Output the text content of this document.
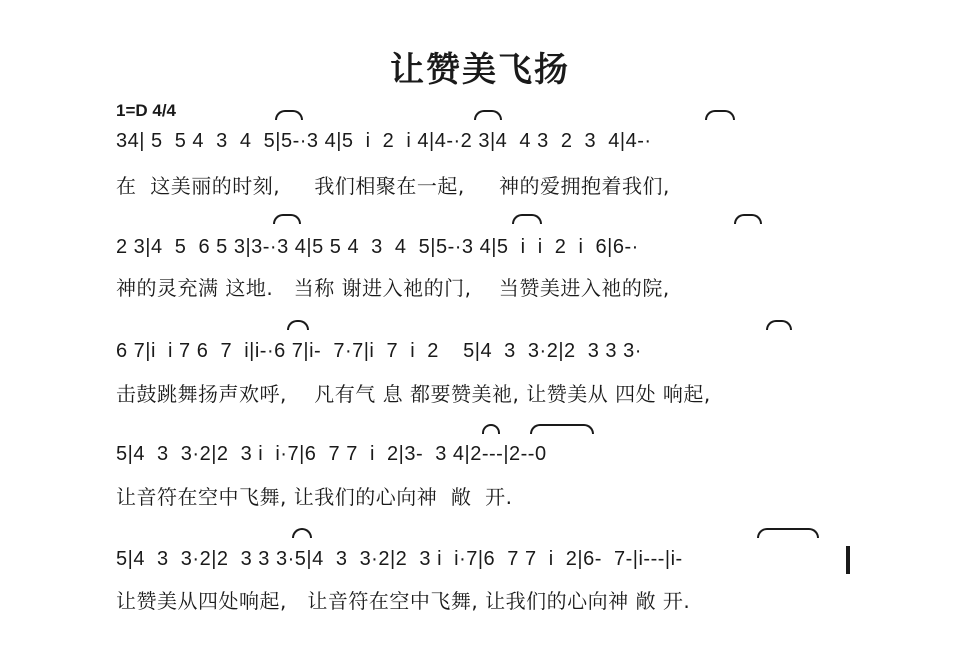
让赞美飞扬
1=D 4/4
34| 5  5 4  3  4  5|5-·3 4|5  i  2  i 4|4-·2 3|4  4 3  2  3  4|4-·
在  这美丽的时刻,     我们相聚在一起,     神的爱拥抱着我们,
2 3|4  5  6 5 3|3-·3 4|5 5 4  3  4  5|5-·3 4|5  i  i  2  i  6|6-·
神的灵充满 这地.   当称 谢进入祂的门,    当赞美进入祂的院,
6 7|i  i 7 6  7  i|i-·6 7|i-  7·7|i  7  i  2    5|4  3  3·2|2  3 3 3·
击鼓跳舞扬声欢呼,    凡有气 息 都要赞美祂, 让赞美从 四处 响起,
5|4  3  3·2|2  3 i  i·7|6  7 7  i  2|3-  3 4|2---|2--0
让音符在空中飞舞, 让我们的心向神  敞  开.
5|4  3  3·2|2  3 3 3·5|4  3  3·2|2  3 i  i·7|6  7 7  i  2|6-  7-|i---|i-
让赞美从四处响起,   让音符在空中飞舞, 让我们的心向神 敞 开.
